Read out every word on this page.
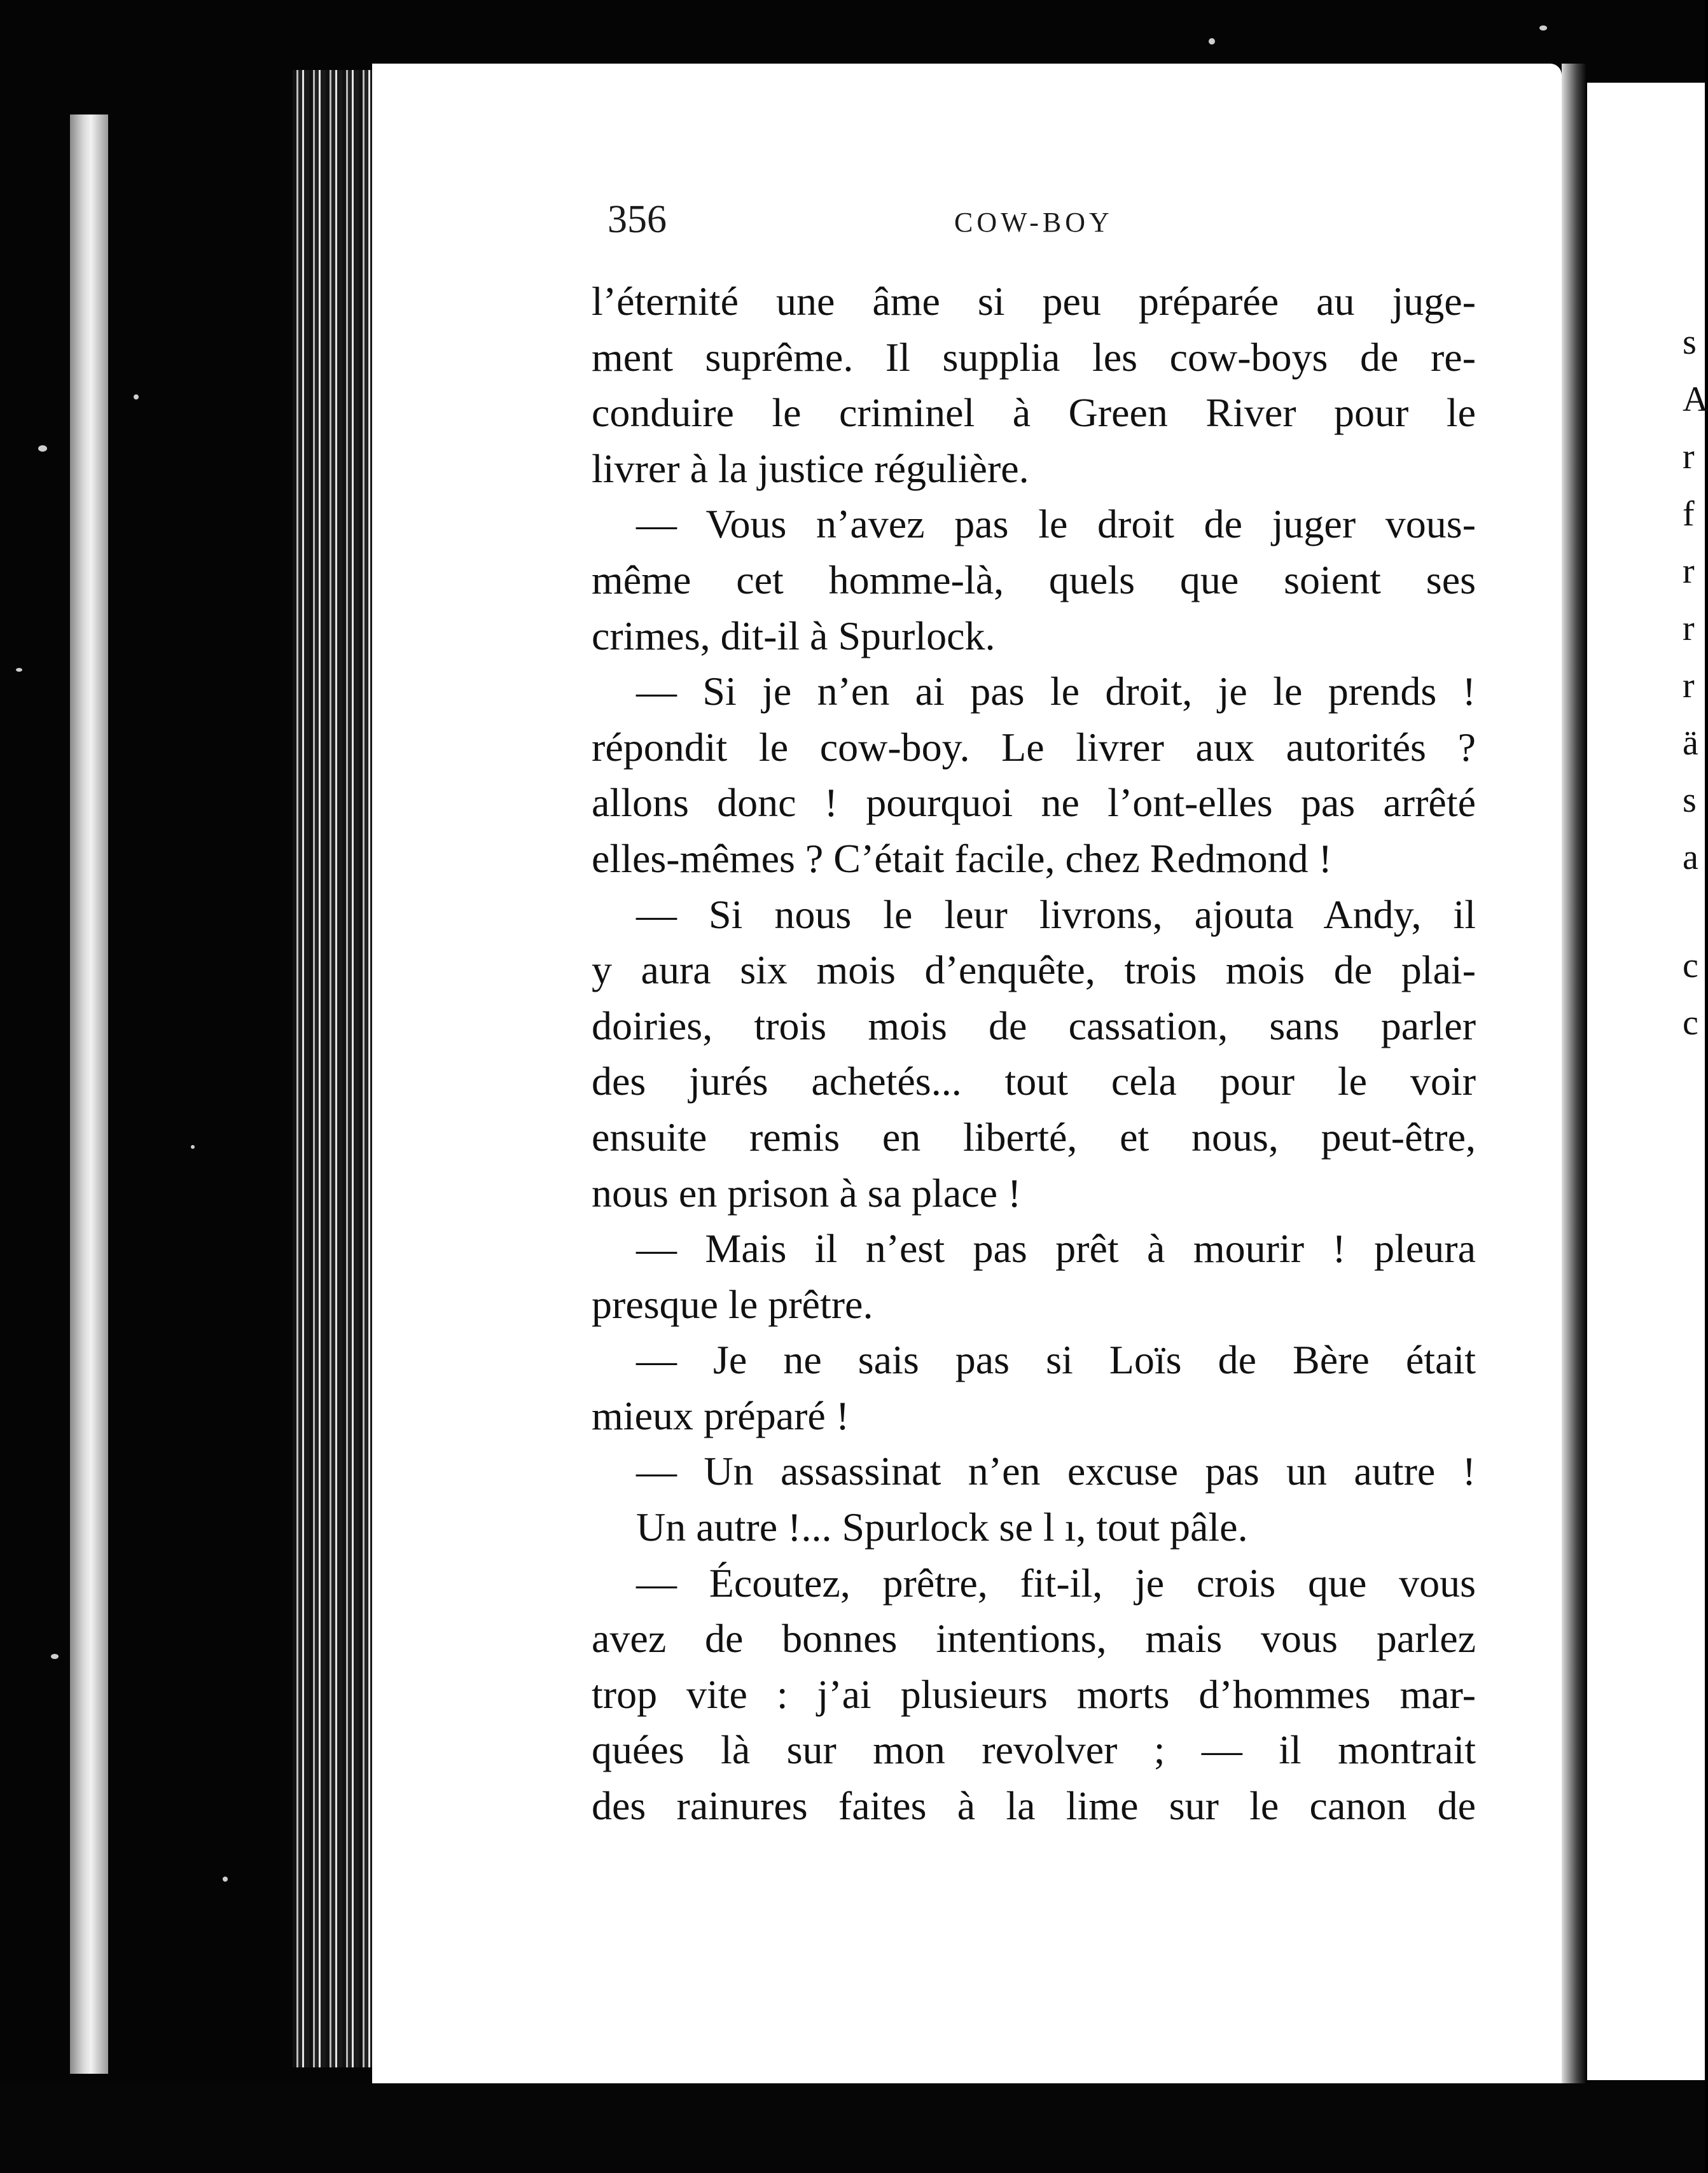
s
A
r
f
r
r
r
ä
s
a
c
c
356	COW-BOY
l’éternité une âme si peu préparée au juge-
ment suprême. Il supplia les cow-boys de re-
conduire le criminel à Green River pour le
livrer à la justice régulière.
— Vous n’avez pas le droit de juger vous-
même cet homme-là, quels que soient ses
crimes, dit-il à Spurlock.
— Si je n’en ai pas le droit, je le prends !
répondit le cow-boy. Le livrer aux autorités ?
allons donc ! pourquoi ne l’ont-elles pas arrêté
elles-mêmes ? C’était facile, chez Redmond !
— Si nous le leur livrons, ajouta Andy, il
y aura six mois d’enquête, trois mois de plai-
doiries, trois mois de cassation, sans parler
des jurés achetés... tout cela pour le voir
ensuite remis en liberté, et nous, peut-être,
nous en prison à sa place !
— Mais il n’est pas prêt à mourir ! pleura
presque le prêtre.
— Je ne sais pas si Loïs de Bère était
mieux préparé !
— Un assassinat n’en excuse pas un autre !
Un autre !... Spurlock se l ı, tout pâle.
— Écoutez, prêtre, fit-il, je crois que vous
avez de bonnes intentions, mais vous parlez
trop vite : j’ai plusieurs morts d’hommes mar-
quées là sur mon revolver ; — il montrait
des rainures faites à la lime sur le canon de
